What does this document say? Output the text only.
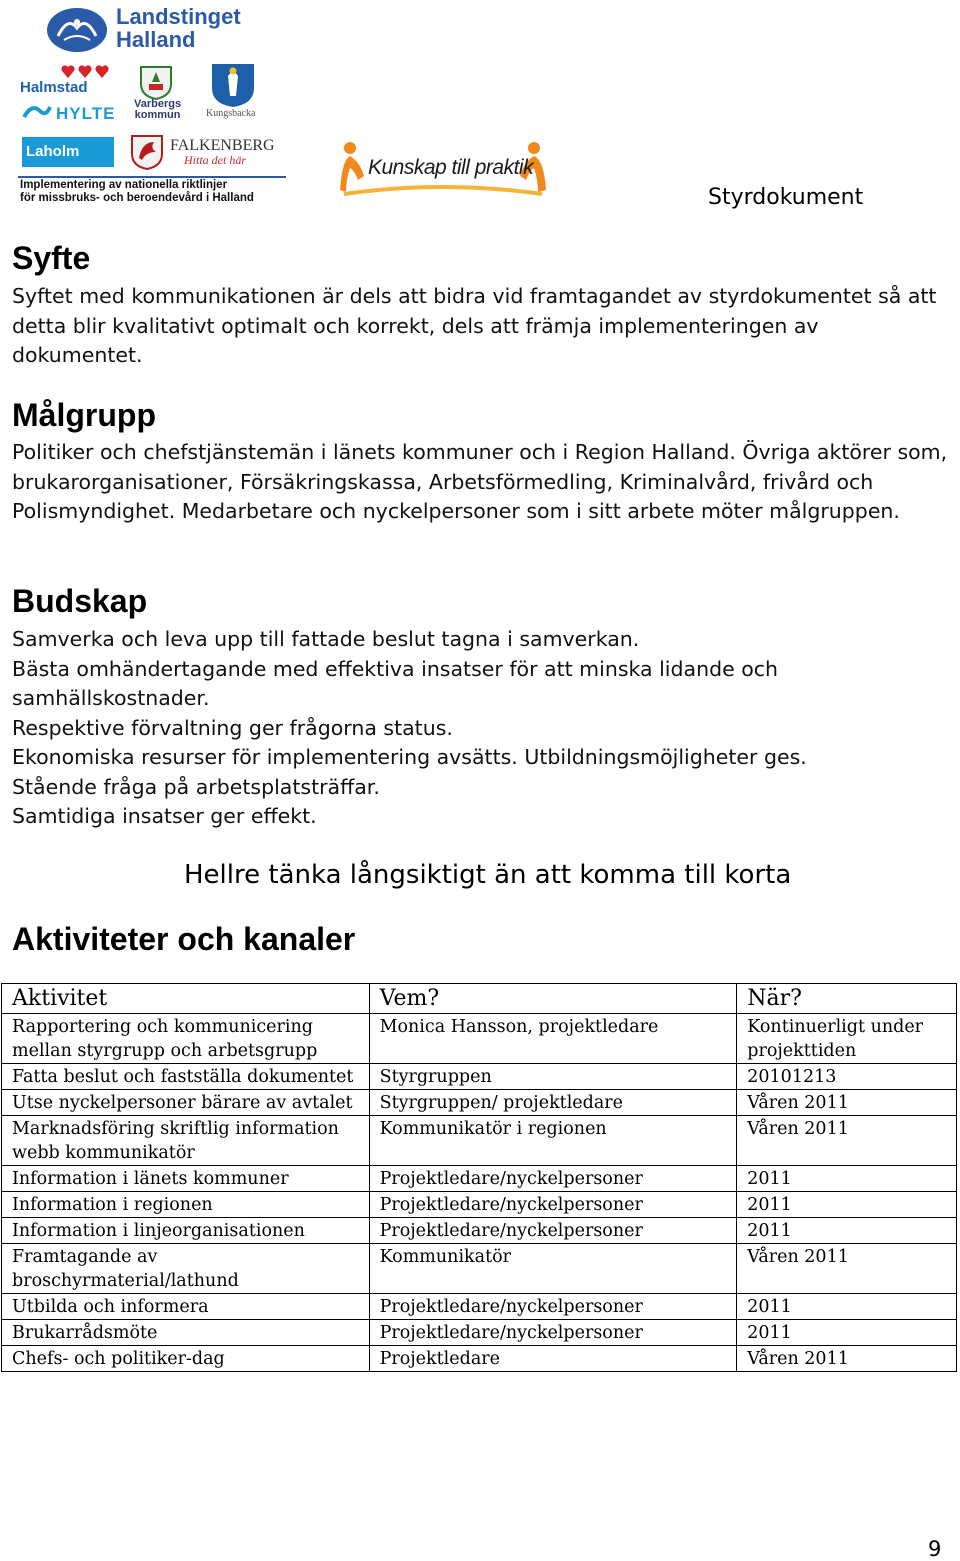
Landstinget
Halland
Halmstad
HYLTE Varbergs
kommun	Kungsbacka
Laholm	FALKENBERG
Hitta det här
Implementering av nationella riktlinjer
för missbruks- och beroendevård i Halland
Kunskap till praktik
Styrdokument
Syfte

Syftet med kommunikationen är dels att bidra vid framtagandet av styrdokumentet så att detta blir kvalitativt optimalt och korrekt, dels att främja implementeringen av dokumentet.

Målgrupp

Politiker och chefstjänstemän i länets kommuner och i Region Halland. Övriga aktörer som, brukarorganisationer, Försäkringskassa, Arbetsförmedling, Kriminalvård, frivård och Polismyndighet. Medarbetare och nyckelpersoner som i sitt arbete möter målgruppen.

Budskap

Samverka och leva upp till fattade beslut tagna i samverkan.

Bästa omhändertagande med effektiva insatser för att minska lidande och samhällskostnader.

Respektive förvaltning ger frågorna status.

Ekonomiska resurser för implementering avsätts. Utbildningsmöjligheter ges.

Stående fråga på arbetsplatsträffar.

Samtidiga insatser ger effekt.

Hellre tänka långsiktigt än att komma till korta
Aktiviteter och kanaler
Aktivitet	Vem?	När?
Rapportering och kommunicering mellan styrgrupp och arbetsgrupp	Monica Hansson, projektledare	Kontinuerligt under projekttiden
Fatta beslut och fastställa dokumentet	Styrgruppen	20101213
Utse nyckelpersoner bärare av avtalet	Styrgruppen/ projektledare	Våren 2011
Marknadsföring skriftlig information webb kommunikatör	Kommunikatör i regionen	Våren 2011
Information i länets kommuner	Projektledare/nyckelpersoner	2011
Information i regionen	Projektledare/nyckelpersoner	2011
Information i linjeorganisationen	Projektledare/nyckelpersoner	2011
Framtagande av broschyrmaterial/lathund	Kommunikatör	Våren 2011
Utbilda och informera	Projektledare/nyckelpersoner	2011
Brukarrådsmöte	Projektledare/nyckelpersoner	2011
Chefs- och politiker-dag	Projektledare	Våren 2011
9
